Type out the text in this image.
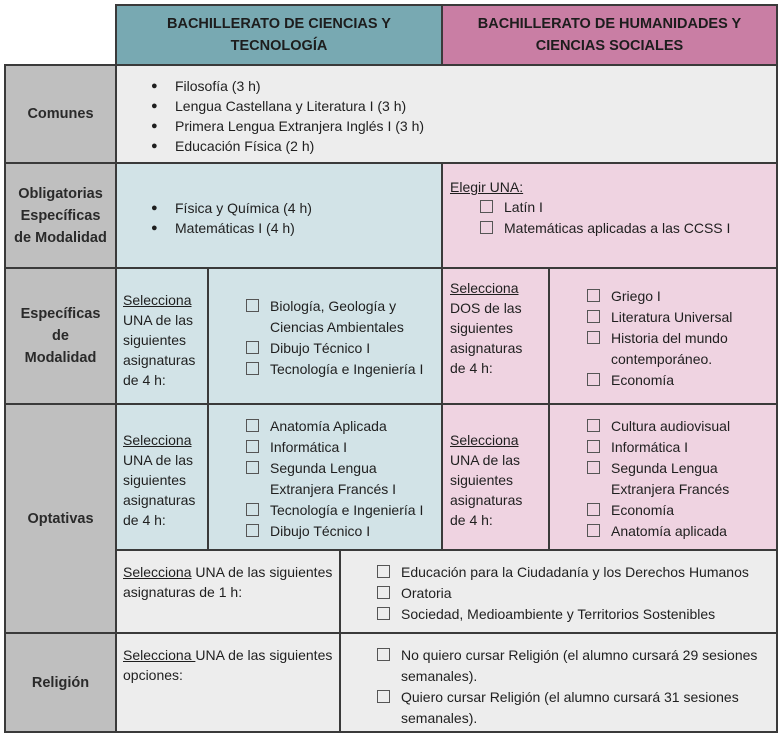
BACHILLERATO DE CIENCIAS Y TECNOLOGÍA
BACHILLERATO DE HUMANIDADES Y CIENCIAS SOCIALES
Comunes
● Filosofía (3 h)
● Lengua Castellana y Literatura I (3 h)
● Primera Lengua Extranjera Inglés I (3 h)
● Educación Física (2 h)
Obligatorias Específicas de Modalidad
● Física y Química (4 h)
● Matemáticas I (4 h)
Elegir UNA:
Latín I
Matemáticas aplicadas a las CCSS I
Específicas de Modalidad
Selecciona UNA de las siguientes asignaturas de 4 h:
Biología, Geología y Ciencias Ambientales
Dibujo Técnico I
Tecnología e Ingeniería I
Selecciona DOS de las siguientes asignaturas de 4 h:
Griego I
Literatura Universal
Historia del mundo contemporáneo.
Economía
Optativas
Selecciona UNA de las siguientes asignaturas de 4 h:
Anatomía Aplicada
Informática I
Segunda Lengua Extranjera Francés I
Tecnología e Ingeniería I
Dibujo Técnico I
Selecciona UNA de las siguientes asignaturas de 4 h:
Cultura audiovisual
Informática I
Segunda Lengua Extranjera Francés
Economía
Anatomía aplicada
Selecciona UNA de las siguientes asignaturas de 1 h:
Educación para la Ciudadanía y los Derechos Humanos
Oratoria
Sociedad, Medioambiente y Territorios Sostenibles
Religión
Selecciona UNA de las siguientes opciones:
No quiero cursar Religión (el alumno cursará 29 sesiones semanales).
Quiero cursar Religión (el alumno cursará 31 sesiones semanales).
